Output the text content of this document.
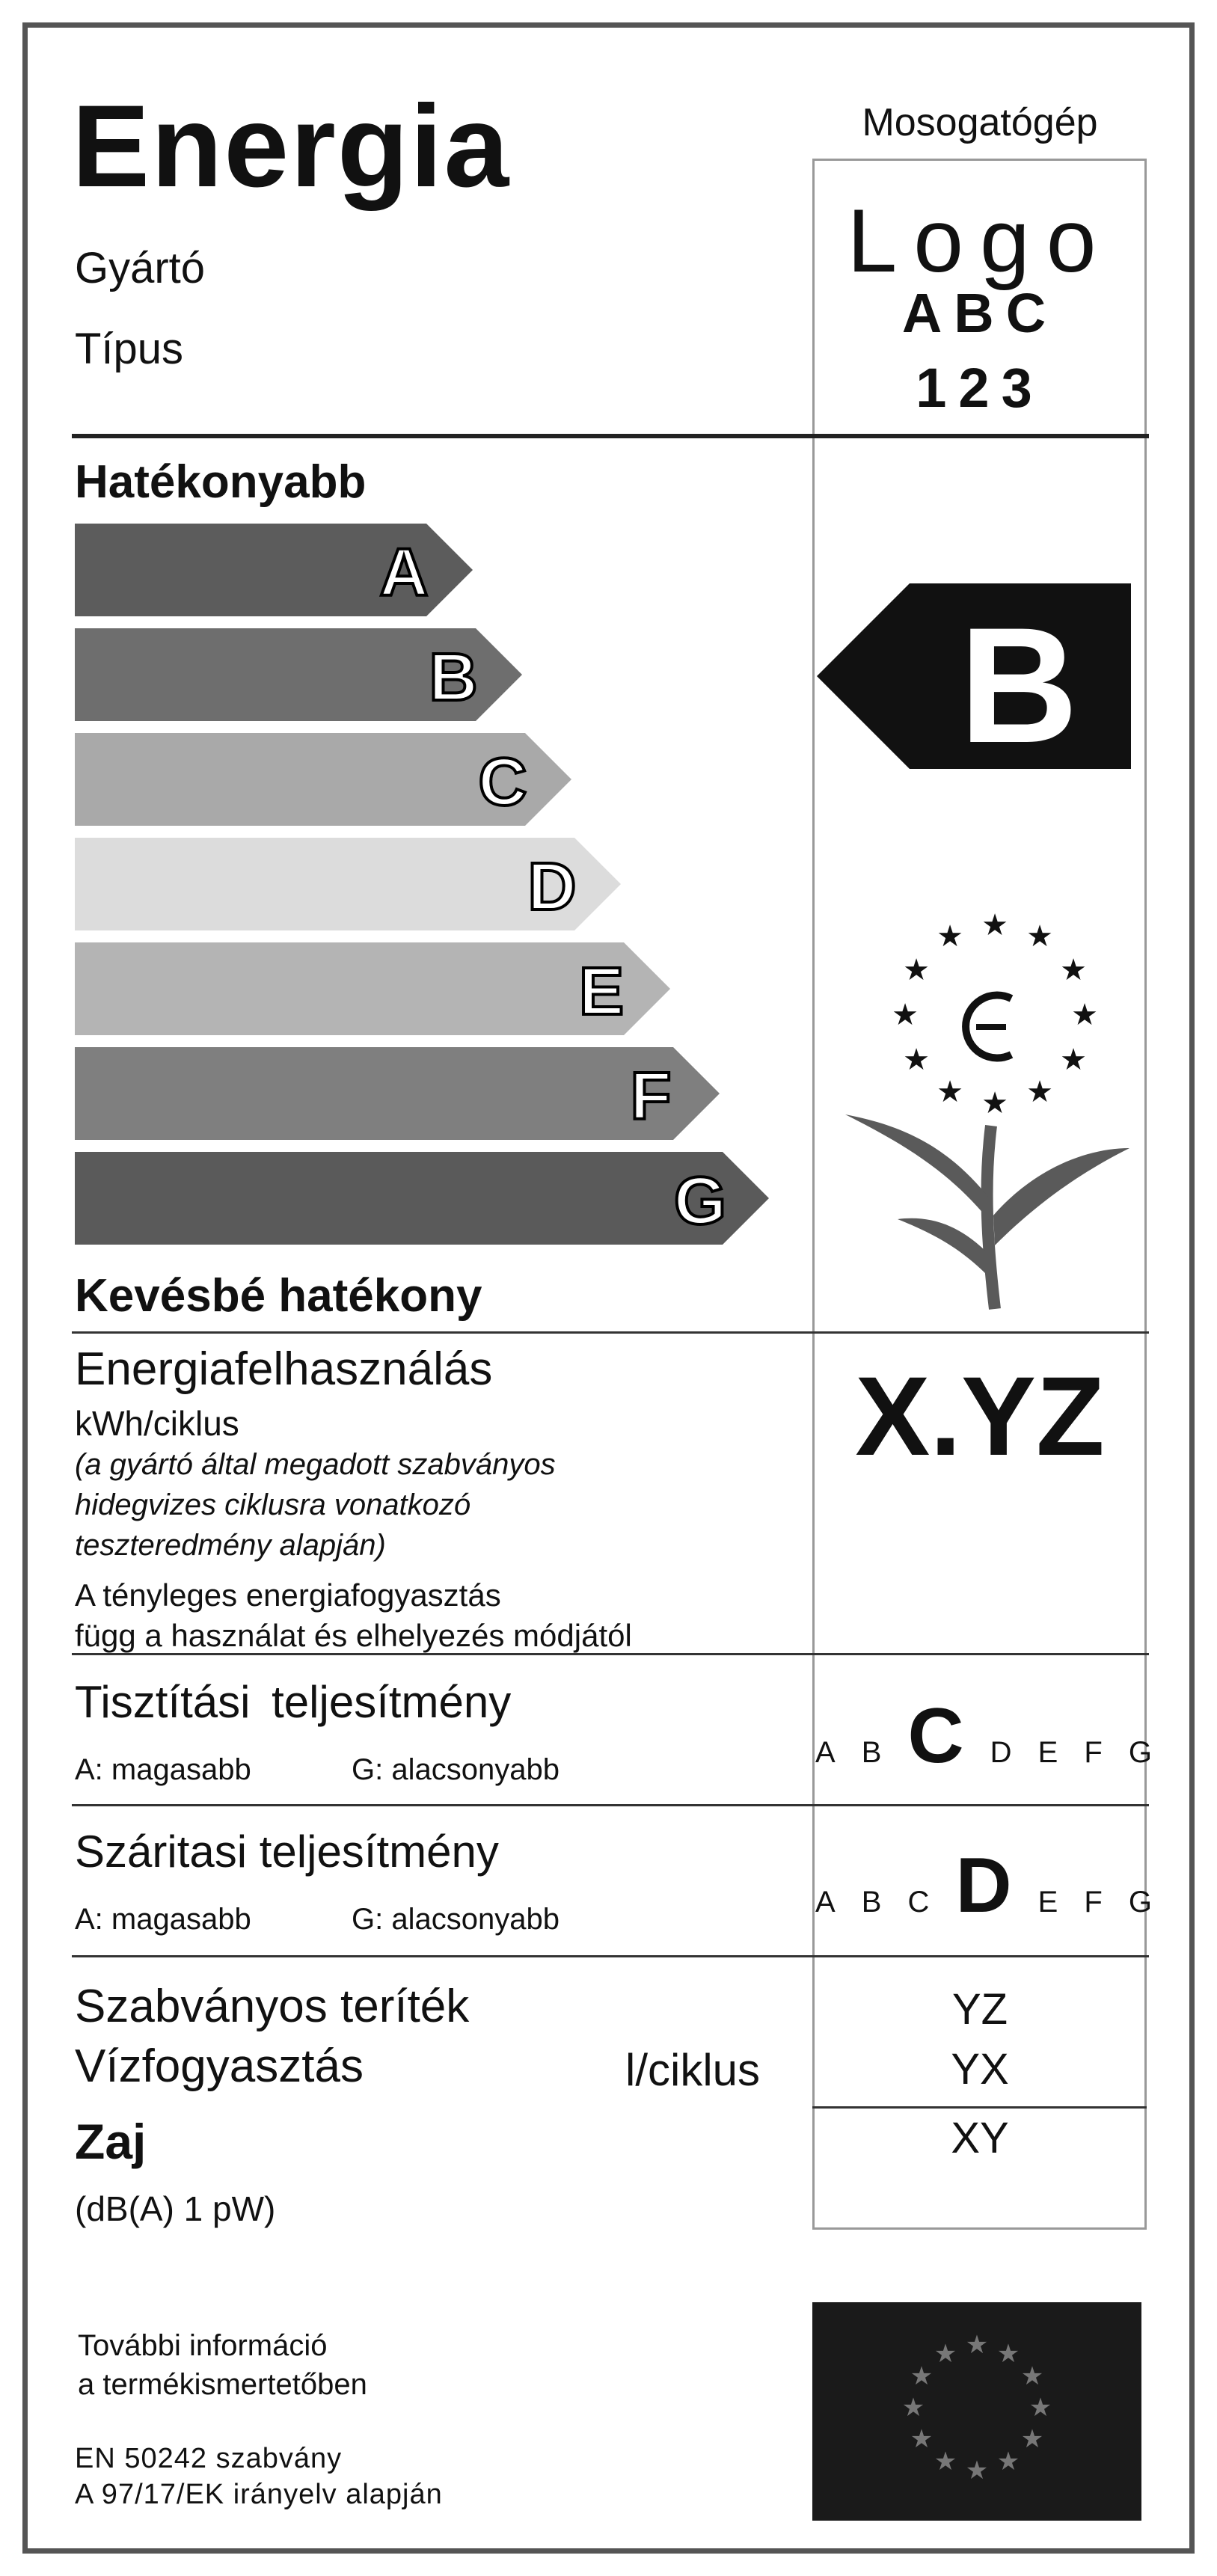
Energia
Gyártó
Típus
Mosogatógép
Logo
ABC
123
Hatékonyabb
A
B
C
D
E
F
G
Kevésbé hatékony
B
★ ★
★
★
★
★
★
★
★
★
★
★
Energiafelhasználás
kWh/ciklus
(a gyártó által megadott szabványos
hidegvizes ciklusra vonatkozó
teszteredmény alapján)
A tényleges energiafogyasztás
függ a használat és elhelyezés módjától
X.YZ
Tisztítási teljesítmény
A: magasabb	G: alacsonyabb
A B C D E F G
Száritasi teljesítmény
A: magasabb	G: alacsonyabb
A B C D E F G
Szabványos teríték	YZ
Vízfogyasztás	l/ciklus	YX
Zaj
(dB(A) 1 pW)
XY
További információ
a termékismertetőben
EN 50242 szabvány
A 97/17/EK irányelv alapján
★ ★
★
★
★
★
★
★
★
★
★
★
